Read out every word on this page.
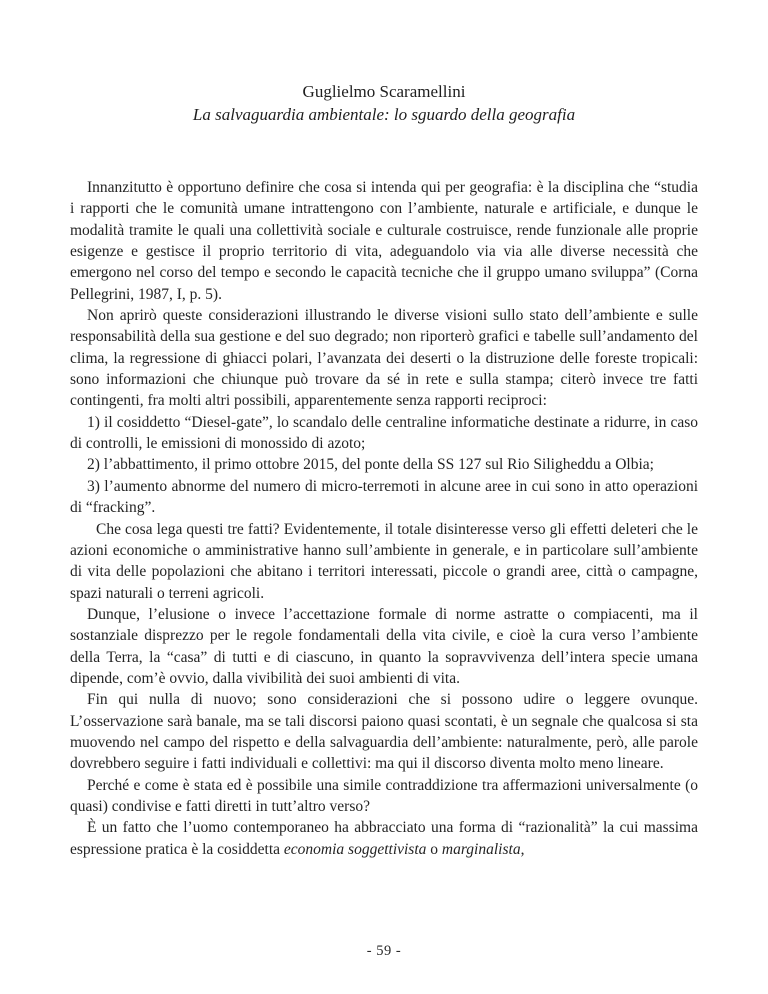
Guglielmo Scaramellini
La salvaguardia ambientale: lo sguardo della geografia

Innanzitutto è opportuno definire che cosa si intenda qui per geografia: è la disciplina che “studia i rapporti che le comunità umane intrattengono con l’ambiente, naturale e artificiale, e dunque le modalità tramite le quali una collettività sociale e culturale costruisce, rende funzionale alle proprie esigenze e gestisce il proprio territorio di vita, adeguandolo via via alle diverse necessità che emergono nel corso del tempo e secondo le capacità tecniche che il gruppo umano sviluppa” (Corna Pellegrini, 1987, I, p. 5).

Non aprirò queste considerazioni illustrando le diverse visioni sullo stato dell’ambiente e sulle responsabilità della sua gestione e del suo degrado; non riporterò grafici e tabelle sull’andamento del clima, la regressione di ghiacci polari, l’avanzata dei deserti o la distruzione delle foreste tropicali: sono informazioni che chiunque può trovare da sé in rete e sulla stampa; citerò invece tre fatti contingenti, fra molti altri possibili, apparentemente senza rapporti reciproci:

1) il cosiddetto “Diesel-gate”, lo scandalo delle centraline informatiche destinate a ridurre, in caso di controlli, le emissioni di monossido di azoto;

2) l’abbattimento, il primo ottobre 2015, del ponte della SS 127 sul Rio Siligheddu a Olbia;

3) l’aumento abnorme del numero di micro-terremoti in alcune aree in cui sono in atto operazioni di “fracking”.

Che cosa lega questi tre fatti? Evidentemente, il totale disinteresse verso gli effetti deleteri che le azioni economiche o amministrative hanno sull’ambiente in generale, e in particolare sull’ambiente di vita delle popolazioni che abitano i territori interessati, piccole o grandi aree, città o campagne, spazi naturali o terreni agricoli.

Dunque, l’elusione o invece l’accettazione formale di norme astratte o compiacenti, ma il sostanziale disprezzo per le regole fondamentali della vita civile, e cioè la cura verso l’ambiente della Terra, la “casa” di tutti e di ciascuno, in quanto la sopravvivenza dell’intera specie umana dipende, com’è ovvio, dalla vivibilità dei suoi ambienti di vita.

Fin qui nulla di nuovo; sono considerazioni che si possono udire o leggere ovunque. L’osservazione sarà banale, ma se tali discorsi paiono quasi scontati, è un segnale che qualcosa si sta muovendo nel campo del rispetto e della salvaguardia dell’ambiente: naturalmente, però, alle parole dovrebbero seguire i fatti individuali e collettivi: ma qui il discorso diventa molto meno lineare.

Perché e come è stata ed è possibile una simile contraddizione tra affermazioni universalmente (o quasi) condivise e fatti diretti in tutt’altro verso?

È un fatto che l’uomo contemporaneo ha abbracciato una forma di “razionalità” la cui massima espressione pratica è la cosiddetta economia soggettivista o marginalista,

- 59 -
